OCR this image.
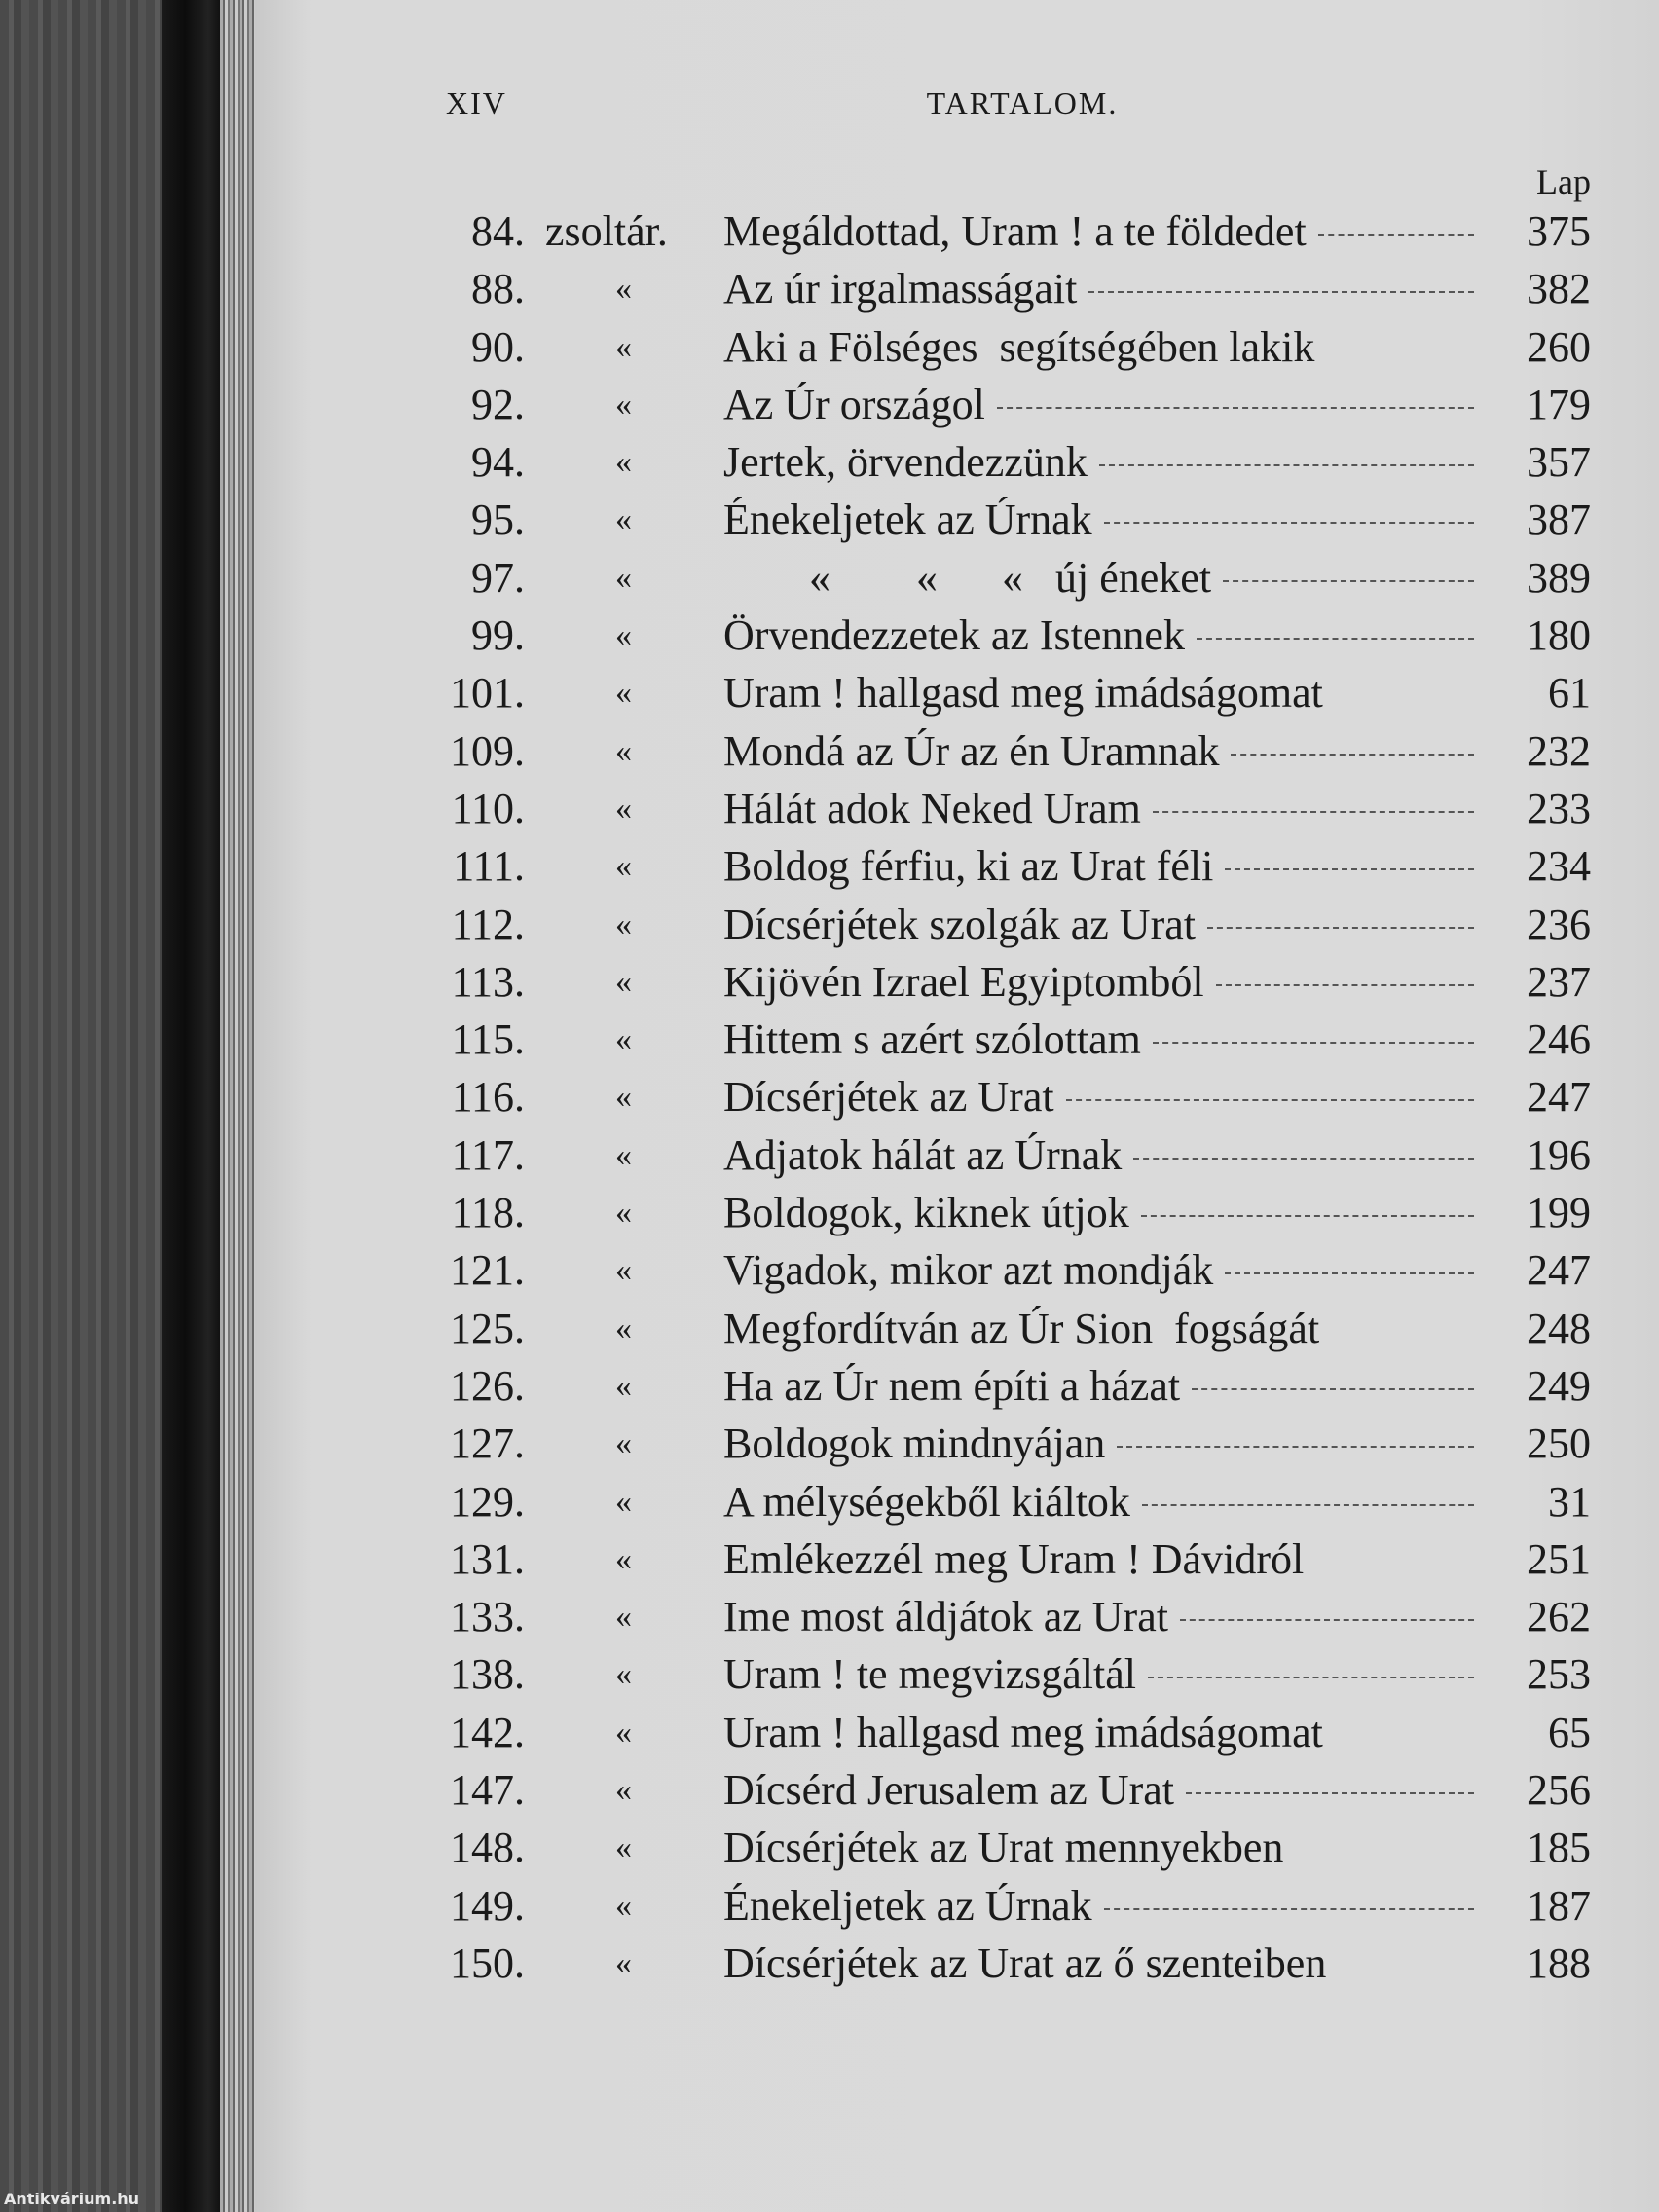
XIV	TARTALOM.
Lap
84. zsoltár. Megáldottad, Uram ! a te földedet	375
88.	« Az úr irgalmasságait	382
90.	« Aki a Fölséges  segítségében lakik	260
92.	« Az Úr országol	179
94.	« Jertek, örvendezzünk	357
95.	« Énekeljetek az Úrnak	387
97.	« «        «      «   új éneket	389
99.	« Örvendezzetek az Istennek	180
101.	« Uram ! hallgasd meg imádságomat	61
109.	« Mondá az Úr az én Uramnak	232
110.	« Hálát adok Neked Uram	233
111.	« Boldog férfiu, ki az Urat féli	234
112.	« Dícsérjétek szolgák az Urat	236
113.	« Kijövén Izrael Egyiptomból	237
115.	« Hittem s azért szólottam	246
116.	« Dícsérjétek az Urat	247
117.	« Adjatok hálát az Úrnak	196
118.	« Boldogok, kiknek útjok	199
121.	« Vigadok, mikor azt mondják	247
125.	« Megfordítván az Úr Sion  fogságát	248
126.	« Ha az Úr nem építi a házat	249
127.	« Boldogok mindnyájan	250
129.	« A mélységekből kiáltok	31
131.	« Emlékezzél meg Uram ! Dávidról	251
133.	« Ime most áldjátok az Urat	262
138.	« Uram ! te megvizsgáltál	253
142.	« Uram ! hallgasd meg imádságomat	65
147.	« Dícsérd Jerusalem az Urat	256
148.	« Dícsérjétek az Urat mennyekben	185
149.	« Énekeljetek az Úrnak	187
150.	« Dícsérjétek az Urat az ő szenteiben	188
Antikvárium.hu
